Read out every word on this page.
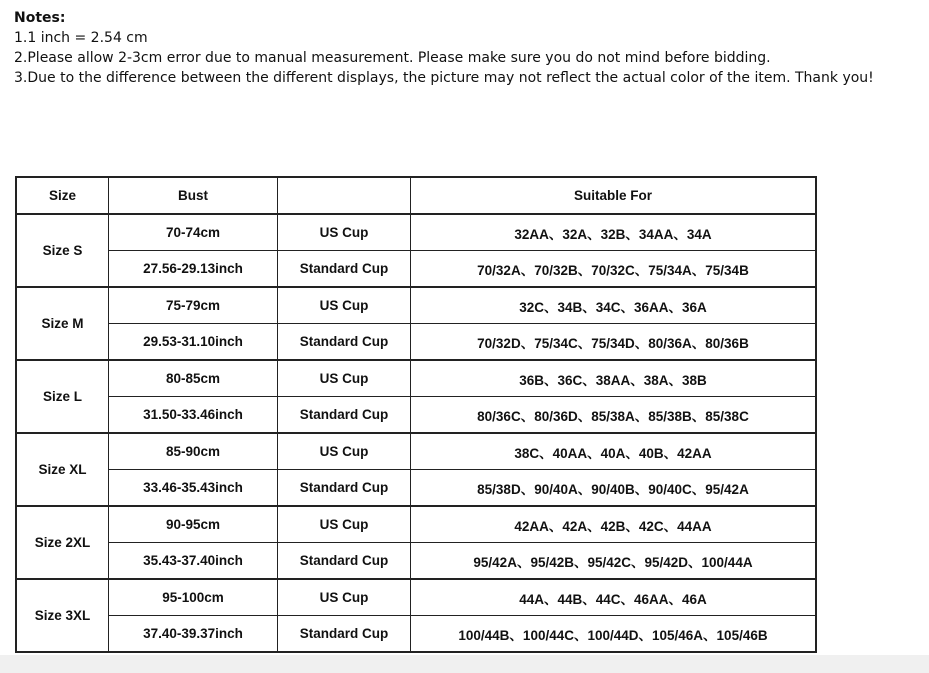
Notes:
1.1 inch = 2.54 cm
2.Please allow 2-3cm error due to manual measurement. Please make sure you do not mind before bidding.
3.Due to the difference between the different displays, the picture may not reflect the actual color of the item. Thank you!
Size	Bust		Suitable For
Size S	70-74cm	US Cup	32AA、32A、32B、34AA、34A
	27.56-29.13inch	Standard Cup	70/32A、70/32B、70/32C、75/34A、75/34B
Size M	75-79cm	US Cup	32C、34B、34C、36AA、36A
	29.53-31.10inch	Standard Cup	70/32D、75/34C、75/34D、80/36A、80/36B
Size L	80-85cm	US Cup	36B、36C、38AA、38A、38B
	31.50-33.46inch	Standard Cup	80/36C、80/36D、85/38A、85/38B、85/38C
Size XL	85-90cm	US Cup	38C、40AA、40A、40B、42AA
	33.46-35.43inch	Standard Cup	85/38D、90/40A、90/40B、90/40C、95/42A
Size 2XL	90-95cm	US Cup	42AA、42A、42B、42C、44AA
	35.43-37.40inch	Standard Cup	95/42A、95/42B、95/42C、95/42D、100/44A
Size 3XL	95-100cm	US Cup	44A、44B、44C、46AA、46A
	37.40-39.37inch	Standard Cup	100/44B、100/44C、100/44D、105/46A、105/46B
